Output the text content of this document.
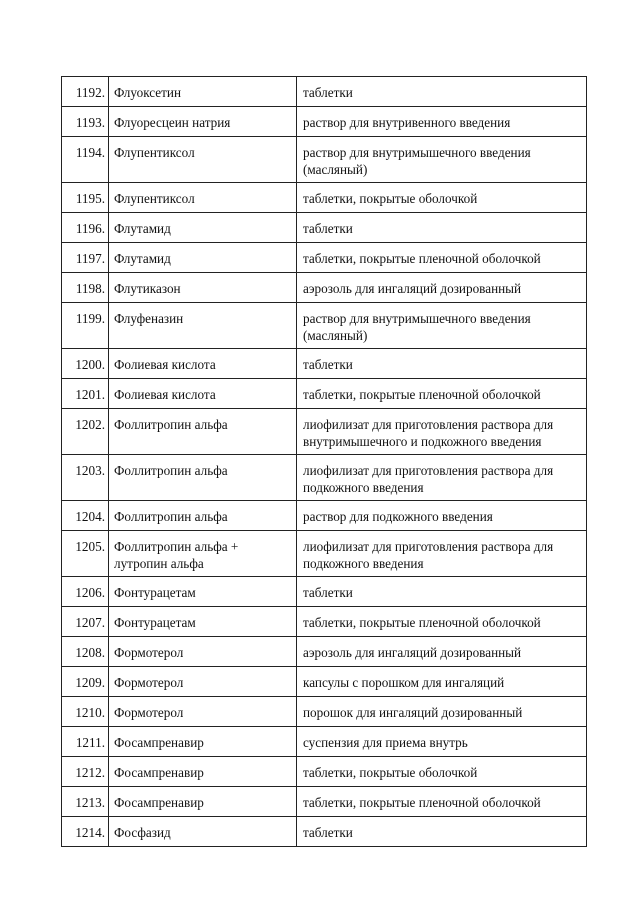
1192.	Флуоксетин	таблетки

1193.	Флуоресцеин натрия	раствор для внутривенного введения

1194.	Флупентиксол	раствор для внутримышечного введения
(масляный)

1195.	Флупентиксол	таблетки, покрытые оболочкой

1196.	Флутамид	таблетки

1197.	Флутамид	таблетки, покрытые пленочной оболочкой

1198.	Флутиказон	аэрозоль для ингаляций дозированный

1199.	Флуфеназин	раствор для внутримышечного введения
(масляный)

1200.	Фолиевая кислота	таблетки

1201.	Фолиевая кислота	таблетки, покрытые пленочной оболочкой

1202.	Фоллитропин альфа	лиофилизат для приготовления раствора для
внутримышечного и подкожного введения

1203.	Фоллитропин альфа	лиофилизат для приготовления раствора для
подкожного введения

1204.	Фоллитропин альфа	раствор для подкожного введения

1205.	Фоллитропин альфа +
лутропин альфа	лиофилизат для приготовления раствора для
подкожного введения

1206.	Фонтурацетам	таблетки

1207.	Фонтурацетам	таблетки, покрытые пленочной оболочкой

1208.	Формотерол	аэрозоль для ингаляций дозированный

1209.	Формотерол	капсулы с порошком для ингаляций

1210.	Формотерол	порошок для ингаляций дозированный

1211.	Фосампренавир	суспензия для приема внутрь

1212.	Фосампренавир	таблетки, покрытые оболочкой

1213.	Фосампренавир	таблетки, покрытые пленочной оболочкой

1214.	Фосфазид	таблетки
